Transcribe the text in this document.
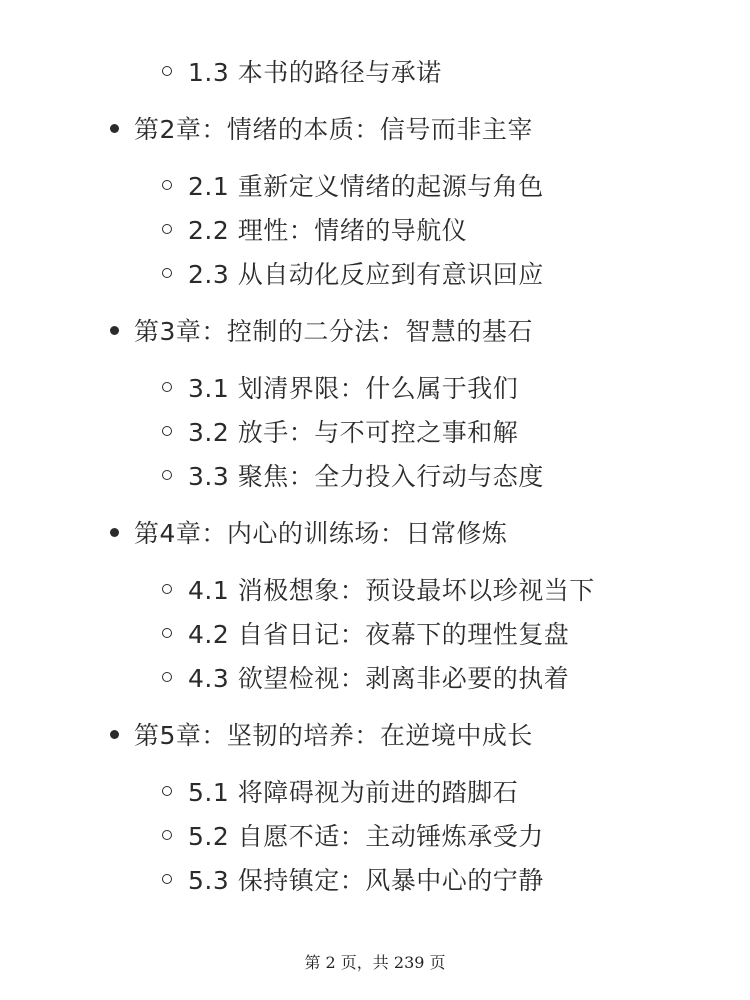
1.3 本书的路径与承诺
第2章：情绪的本质：信号而非主宰
2.1 重新定义情绪的起源与角色
2.2 理性：情绪的导航仪
2.3 从自动化反应到有意识回应
第3章：控制的二分法：智慧的基石
3.1 划清界限：什么属于我们
3.2 放手：与不可控之事和解
3.3 聚焦：全力投入行动与态度
第4章：内心的训练场：日常修炼
4.1 消极想象：预设最坏以珍视当下
4.2 自省日记：夜幕下的理性复盘
4.3 欲望检视：剥离非必要的执着
第5章：坚韧的培养：在逆境中成长
5.1 将障碍视为前进的踏脚石
5.2 自愿不适：主动锤炼承受力
5.3 保持镇定：风暴中心的宁静
第 2 页，共 239 页
